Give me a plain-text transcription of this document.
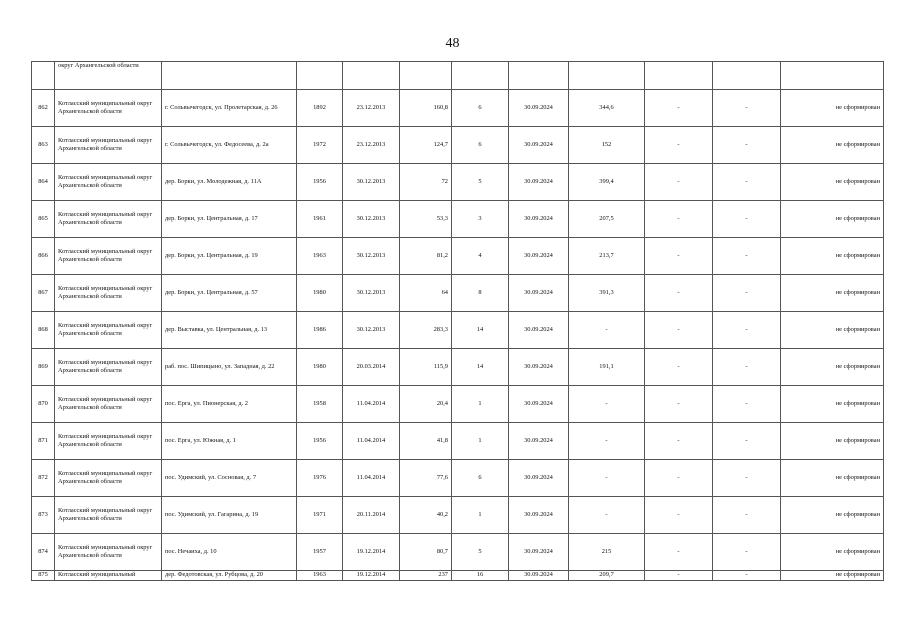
48
	округ Архангельской области										
862	Котласский муниципальный округ Архангельской области	г. Сольвычегодск, ул. Пролетарская, д. 26	1892	23.12.2013	160,8	6	30.09.2024	344,6	-	-	не сформирован
863	Котласский муниципальный округ Архангельской области	г. Сольвычегодск, ул. Федосеева, д. 2а	1972	23.12.2013	124,7	6	30.09.2024	152	-	-	не сформирован
864	Котласский муниципальный округ Архангельской области	дер. Борки, ул. Молодежная, д. 11А	1956	30.12.2013	72	5	30.09.2024	399,4	-	-	не сформирован
865	Котласский муниципальный округ Архангельской области	дер. Борки, ул. Центральная, д. 17	1961	30.12.2013	53,3	3	30.09.2024	207,5	-	-	не сформирован
866	Котласский муниципальный округ Архангельской области	дер. Борки, ул. Центральная, д. 19	1963	30.12.2013	81,2	4	30.09.2024	213,7	-	-	не сформирован
867	Котласский муниципальный округ Архангельской области	дер. Борки, ул. Центральная, д. 57	1980	30.12.2013	64	8	30.09.2024	391,3	-	-	не сформирован
868	Котласский муниципальный округ Архангельской области	дер. Выставка, ул. Центральная, д. 13	1986	30.12.2013	283,3	14	30.09.2024	-	-	-	не сформирован
869	Котласский муниципальный округ Архангельской области	раб. пос. Шипицыно, ул. Западная, д. 22	1980	20.03.2014	115,9	14	30.09.2024	191,1	-	-	не сформирован
870	Котласский муниципальный округ Архангельской области	пос. Ерга, ул. Пионерская, д. 2	1958	11.04.2014	20,4	1	30.09.2024	-	-	-	не сформирован
871	Котласский муниципальный округ Архангельской области	пос. Ерга, ул. Южная, д. 1	1956	11.04.2014	41,8	1	30.09.2024	-	-	-	не сформирован
872	Котласский муниципальный округ Архангельской области	пос. Удимский, ул. Сосновая, д. 7	1976	11.04.2014	77,6	6	30.09.2024	-	-	-	не сформирован
873	Котласский муниципальный округ Архангельской области	пос. Удимский, ул. Гагарина, д. 19	1971	20.11.2014	40,2	1	30.09.2024	-	-	-	не сформирован
874	Котласский муниципальный округ Архангельской области	пос. Нечаиха, д. 10	1957	19.12.2014	80,7	5	30.09.2024	215	-	-	не сформирован
875	Котласский муниципальный	дер. Федотовская, ул. Рубцова, д. 20	1963	19.12.2014	237	16	30.09.2024	209,7	-	-	не сформирован
